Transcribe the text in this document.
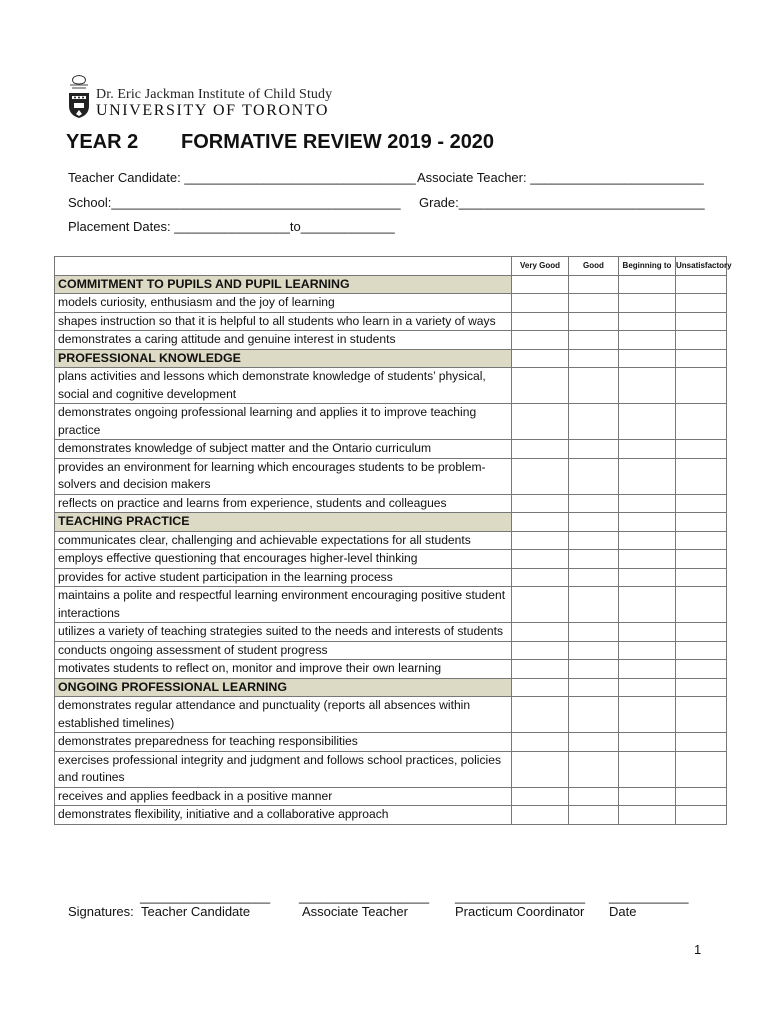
Dr. Eric Jackman Institute of Child Study
UNIVERSITY OF TORONTO
YEAR 2 FORMATIVE REVIEW 2019 - 2020
Teacher Candidate: ________________________________ Associate Teacher: ________________________
School:________________________________________ Grade:__________________________________
Placement Dates: ________________to_____________
	Very Good	Good	Beginning to	Unsatisfactory
COMMITMENT TO PUPILS AND PUPIL LEARNING				
models curiosity, enthusiasm and the joy of learning				
shapes instruction so that it is helpful to all students who learn in a variety of ways				
demonstrates a caring attitude and genuine interest in students				
PROFESSIONAL KNOWLEDGE				
plans activities and lessons which demonstrate knowledge of students’ physical, social and cognitive development				
demonstrates ongoing professional learning and applies it to improve teaching practice				
demonstrates knowledge of subject matter and the Ontario curriculum				
provides an environment for learning which encourages students to be problem-solvers and decision makers				
reflects on practice and learns from experience, students and colleagues				
TEACHING PRACTICE				
communicates clear, challenging and achievable expectations for all students				
employs effective questioning that encourages higher-level thinking				
provides for active student participation in the learning process				
maintains a polite and respectful learning environment encouraging positive student interactions				
utilizes a variety of teaching strategies suited to the needs and interests of students				
conducts ongoing assessment of student progress				
motivates students to reflect on, monitor and improve their own learning				
ONGOING PROFESSIONAL LEARNING				
demonstrates regular attendance and punctuality (reports all absences within established timelines)				
demonstrates preparedness for teaching responsibilities				
exercises professional integrity and judgment and follows school practices, policies and routines				
receives and applies feedback in a positive manner				
demonstrates flexibility, initiative and a collaborative approach				
__________________ __________________ __________________ ___________
Signatures: Teacher Candidate	Associate Teacher	Practicum Coordinator Date
1
